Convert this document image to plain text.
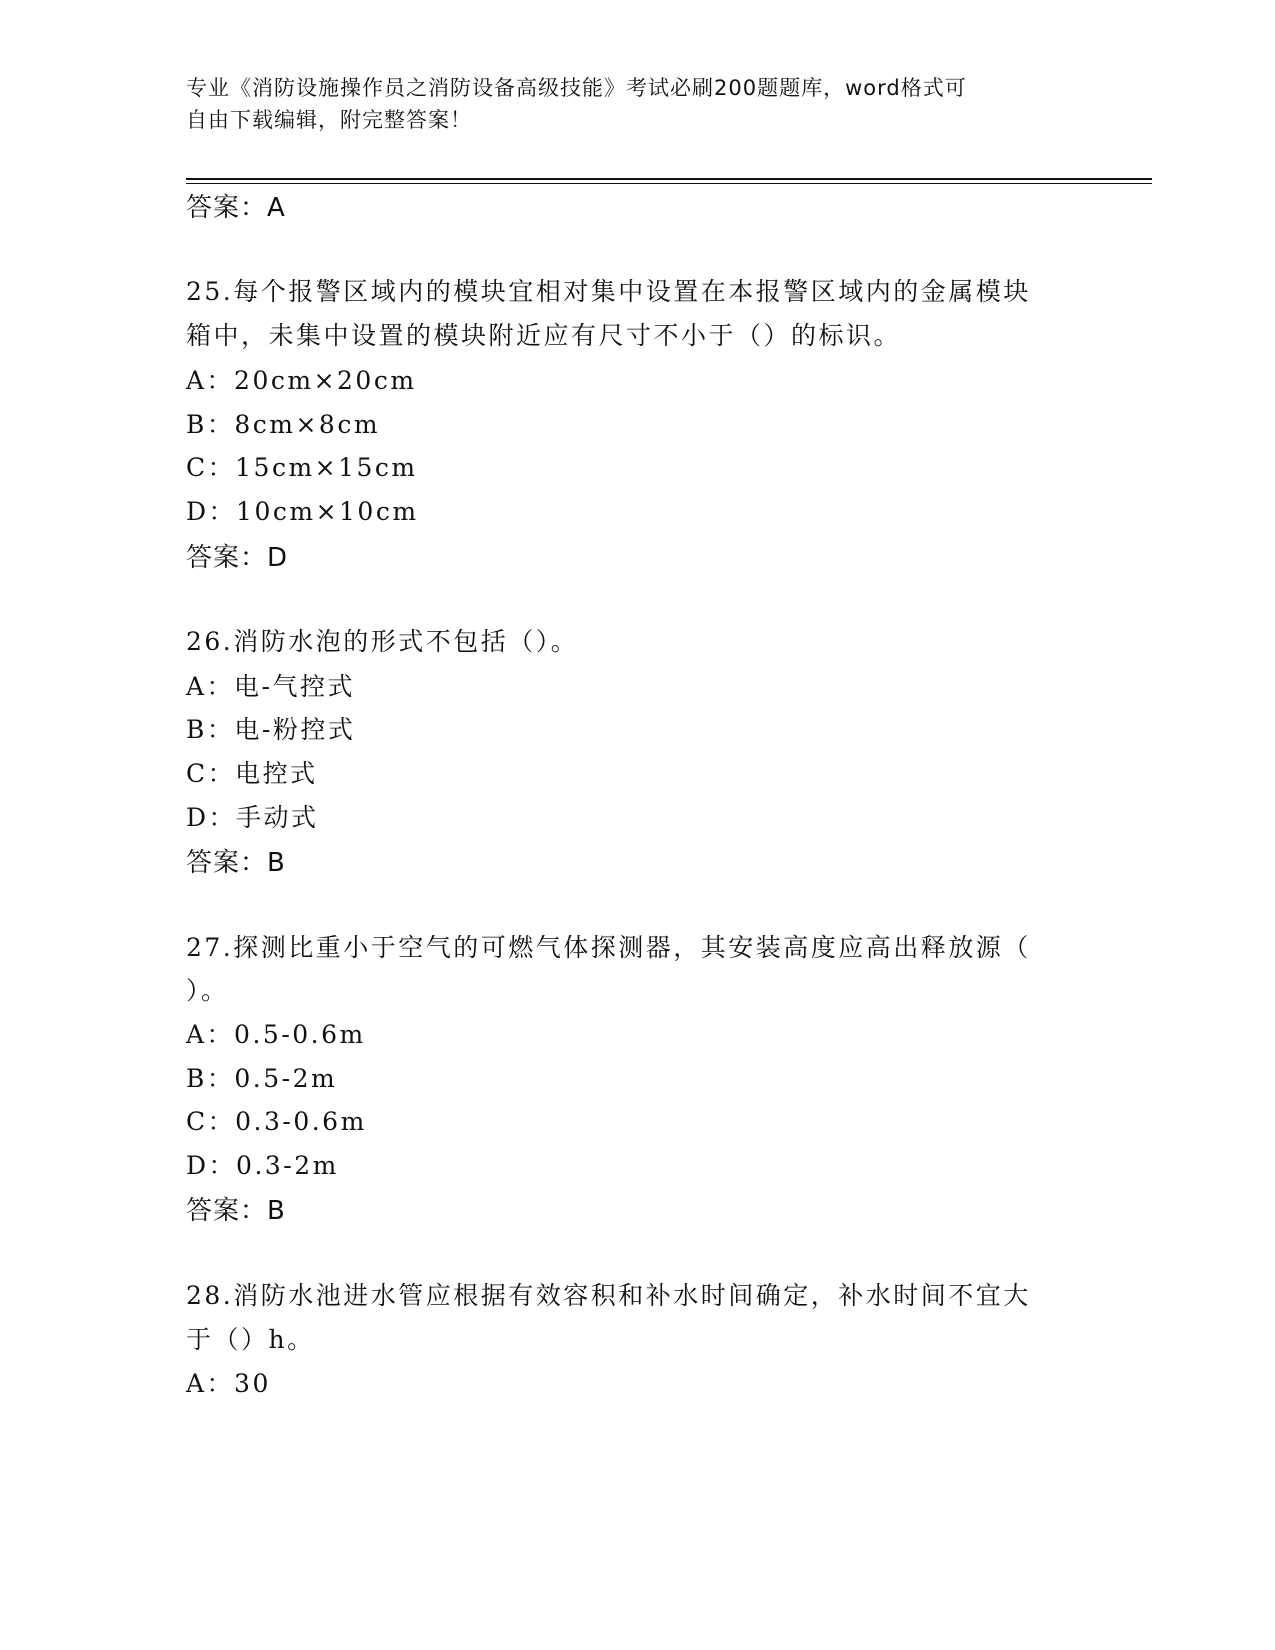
专业《消防设施操作员之消防设备高级技能》考试必刷200题题库，word格式可
自由下载编辑，附完整答案！
答案：A
25.每个报警区域内的模块宜相对集中设置在本报警区域内的金属模块
箱中，未集中设置的模块附近应有尺寸不小于（）的标识。
A：20cm×20cm
B：8cm×8cm
C：15cm×15cm
D：10cm×10cm
答案：D
26.消防水泡的形式不包括（）。
A：电-气控式
B：电-粉控式
C：电控式
D：手动式
答案：B
27.探测比重小于空气的可燃气体探测器，其安装高度应高出释放源（
）。
A：0.5-0.6m
B：0.5-2m
C：0.3-0.6m
D：0.3-2m
答案：B
28.消防水池进水管应根据有效容积和补水时间确定，补水时间不宜大
于（）h。
A：30
